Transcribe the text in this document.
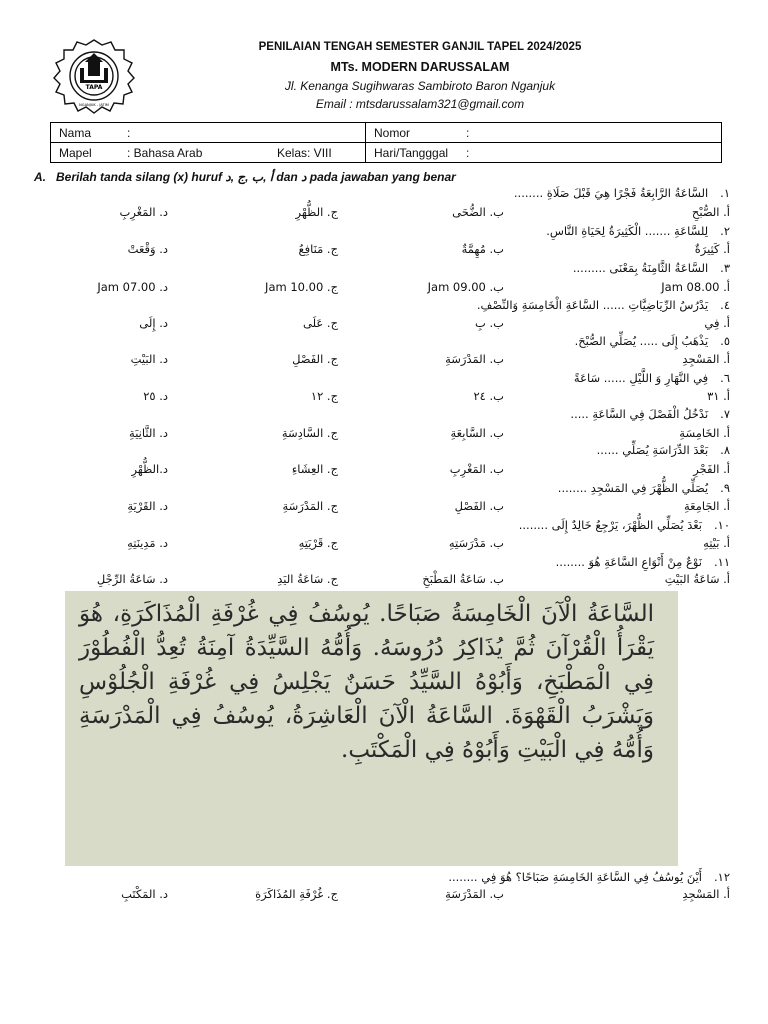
TAPA
NGANJUK - JATIM
PENILAIAN TENGAH SEMESTER GANJIL TAPEL 2024/2025
MTs. MODERN DARUSSALAM
Jl. Kenanga Sugihwaras Sambiroto Baron Nganjuk
Email : mtsdarussalam321@gmail.com
Nama :	Nomor :

Mapel : Bahasa Arab Kelas: VIII	Hari/Tangggal :
A. Berilah tanda silang (x) huruf أ ,ب ,ج ,د dan د pada jawaban yang benar
١.السَّاعَةُ الرَّابِعَةُ فَجْرًا هِيَ قَبْلَ صَلَاةِ ........
أ. الصُّبْحِ
ب. الضُّحَى
ج. الظُّهْرِ
د. المَغْرِبِ
٢.لِلسَّاعَةِ ....... الْكَثِيرَةُ لِحَيَاةِ النَّاسِ.
أ. كَثِيرَةٌ
ب. مُهِمَّةٌ
ج. مَنَافِعُ
د. وَقْعَتْ
٣.السَّاعَةُ الثَّامِنَةُ بِمَعْنَى .........
أ. Jam 08.00
ب. Jam 09.00
ج. Jam 10.00
د. Jam 07.00
٤.يَدْرُسُ الرِّيَاضِيَّاتِ ...... السَّاعَةِ الْخَامِسَةِ وَالنِّصْفِ.
أ. فِي
ب. بِ
ج. عَلَى
د. إِلَى
٥.يَذْهَبُ إِلَى ..... يُصَلِّي الصُّبْحَ.
أ. المَسْجِدِ
ب. المَدْرَسَةِ
ج. الفَصْلِ
د. البَيْتِ
٦.فِي النَّهَارِ وَ اللَّيْلِ ...... سَاعَةً
أ. ٣١
ب. ٢٤
ج. ١٢
د. ٢٥
٧.نَدْخُلُ الْفَصْلَ فِي السَّاعَةِ .....
أ. الخَامِسَةِ
ب. السَّابِعَةِ
ج. السَّادِسَةِ
د. الثَّانِيَةِ
٨.بَعْدَ الدِّرَاسَةِ يُصَلِّي ......
أ. الفَجْرِ
ب. المَغْرِبِ
ج. العِشَاءِ
د.الظُّهْرِ
٩.يُصَلِّي الظُّهْرَ فِي المَسْجِدِ ........
أ. الجَامِعَةِ
ب. الفَصْلِ
ج. المَدْرَسَةِ
د. القَرْيَةِ
١٠.بَعْدَ يُصَلِّي الظُّهْرَ، يَرْجِعُ خَالِدٌ إِلَى ........
أ. بَيْتِهِ
ب. مَدْرَسَتِهِ
ج. قَرْيَتِهِ
د. مَدِينَتِهِ
١١.نَوْعٌ مِنْ أَنْوَاعِ السَّاعَةِ هُوَ ........
أ. سَاعَةُ البَيْتِ
ب. سَاعَةُ المَطْبَخِ
ج. سَاعَةُ اليَدِ
د. سَاعَةُ الرِّجْلِ
السَّاعَةُ الْآنَ الْخَامِسَةُ صَبَاحًا. يُوسُفُ فِي غُرْفَةِ الْمُذَاكَرَةِ، هُوَ يَقْرَأُ الْقُرْآنَ ثُمَّ يُذَاكِرُ دُرُوسَهُ. وَأُمُّهُ السَّيِّدَةُ آمِنَةُ تُعِدُّ الْفُطُوْرَ فِي الْمَطْبَخِ، وَأَبُوْهُ السَّيِّدُ حَسَنٌ يَجْلِسُ فِي غُرْفَةِ الْجُلُوْسِ وَيَشْرَبُ الْقَهْوَةَ. السَّاعَةُ الْآنَ الْعَاشِرَةُ، يُوسُفُ فِي الْمَدْرَسَةِ وَأُمُّهُ فِي الْبَيْتِ وَأَبُوْهُ فِي الْمَكْتَبِ.
١٢.أَيْنَ يُوسُفُ فِي السَّاعَةِ الخَامِسَةِ صَبَاحًا؟ هُوَ فِي ........
أ. المَسْجِدِ
ب. المَدْرَسَةِ
ج. غُرْفَةِ المُذَاكَرَةِ
د. المَكْتَبِ
